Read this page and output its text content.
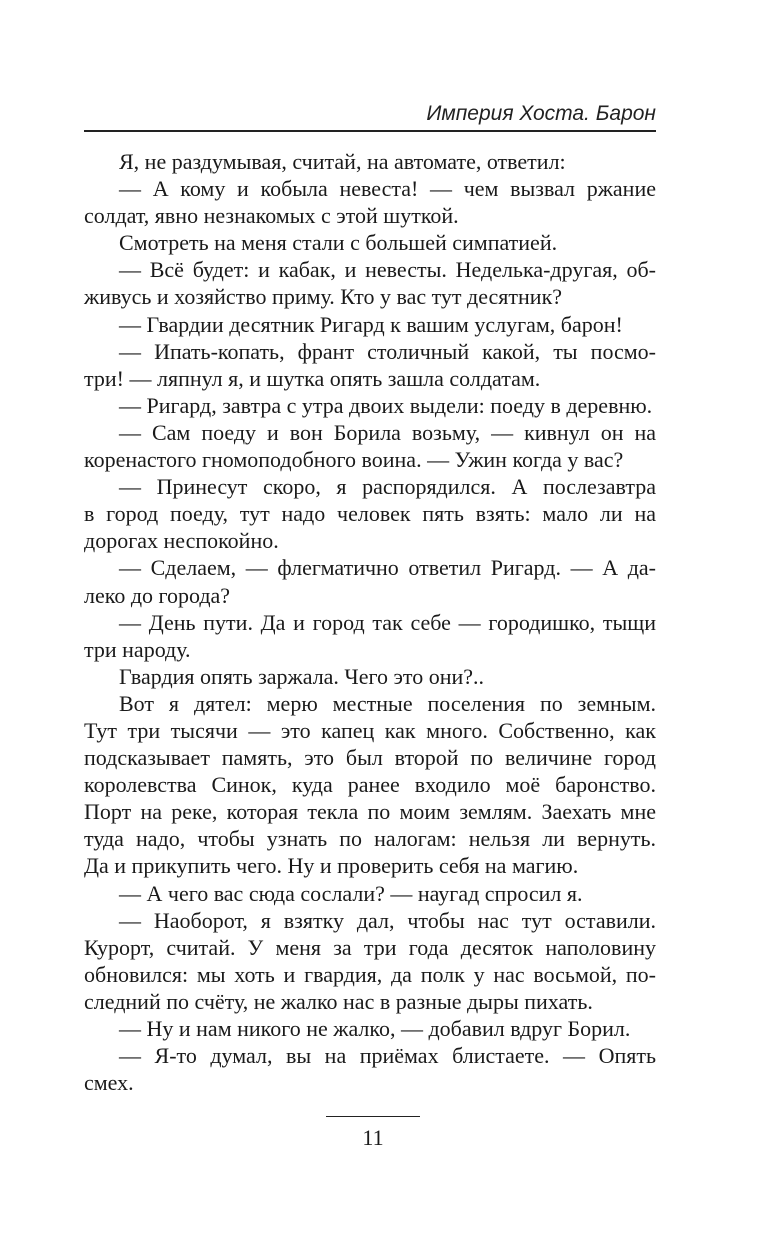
Империя Хоста. Барон
Я, не раздумывая, считай, на автомате, ответил:
— А кому и кобыла невеста! — чем вызвал ржание
солдат, явно незнакомых с этой шуткой.
Смотреть на меня стали с большей симпатией.
— Всё будет: и кабак, и невесты. Неделька-другая, об-
живусь и хозяйство приму. Кто у вас тут десятник?
— Гвардии десятник Ригард к вашим услугам, барон!
— Ипать-копать, франт столичный какой, ты посмо-
три! — ляпнул я, и шутка опять зашла солдатам.
— Ригард, завтра с утра двоих выдели: поеду в деревню.
— Сам поеду и вон Борила возьму, — кивнул он на
коренастого гномоподобного воина. — Ужин когда у вас?
— Принесут скоро, я распорядился. А послезавтра
в город поеду, тут надо человек пять взять: мало ли на
дорогах неспокойно.
— Сделаем, — флегматично ответил Ригард. — А да-
леко до города?
— День пути. Да и город так себе — городишко, тыщи
три народу.
Гвардия опять заржала. Чего это они?..
Вот я дятел: мерю местные поселения по земным.
Тут три тысячи — это капец как много. Собственно, как
подсказывает память, это был второй по величине город
королевства Синок, куда ранее входило моё баронство.
Порт на реке, которая текла по моим землям. Заехать мне
туда надо, чтобы узнать по налогам: нельзя ли вернуть.
Да и прикупить чего. Ну и проверить себя на магию.
— А чего вас сюда сослали? — наугад спросил я.
— Наоборот, я взятку дал, чтобы нас тут оставили.
Курорт, считай. У меня за три года десяток наполовину
обновился: мы хоть и гвардия, да полк у нас восьмой, по-
следний по счёту, не жалко нас в разные дыры пихать.
— Ну и нам никого не жалко, — добавил вдруг Борил.
— Я-то думал, вы на приёмах блистаете. — Опять
смех.
11
